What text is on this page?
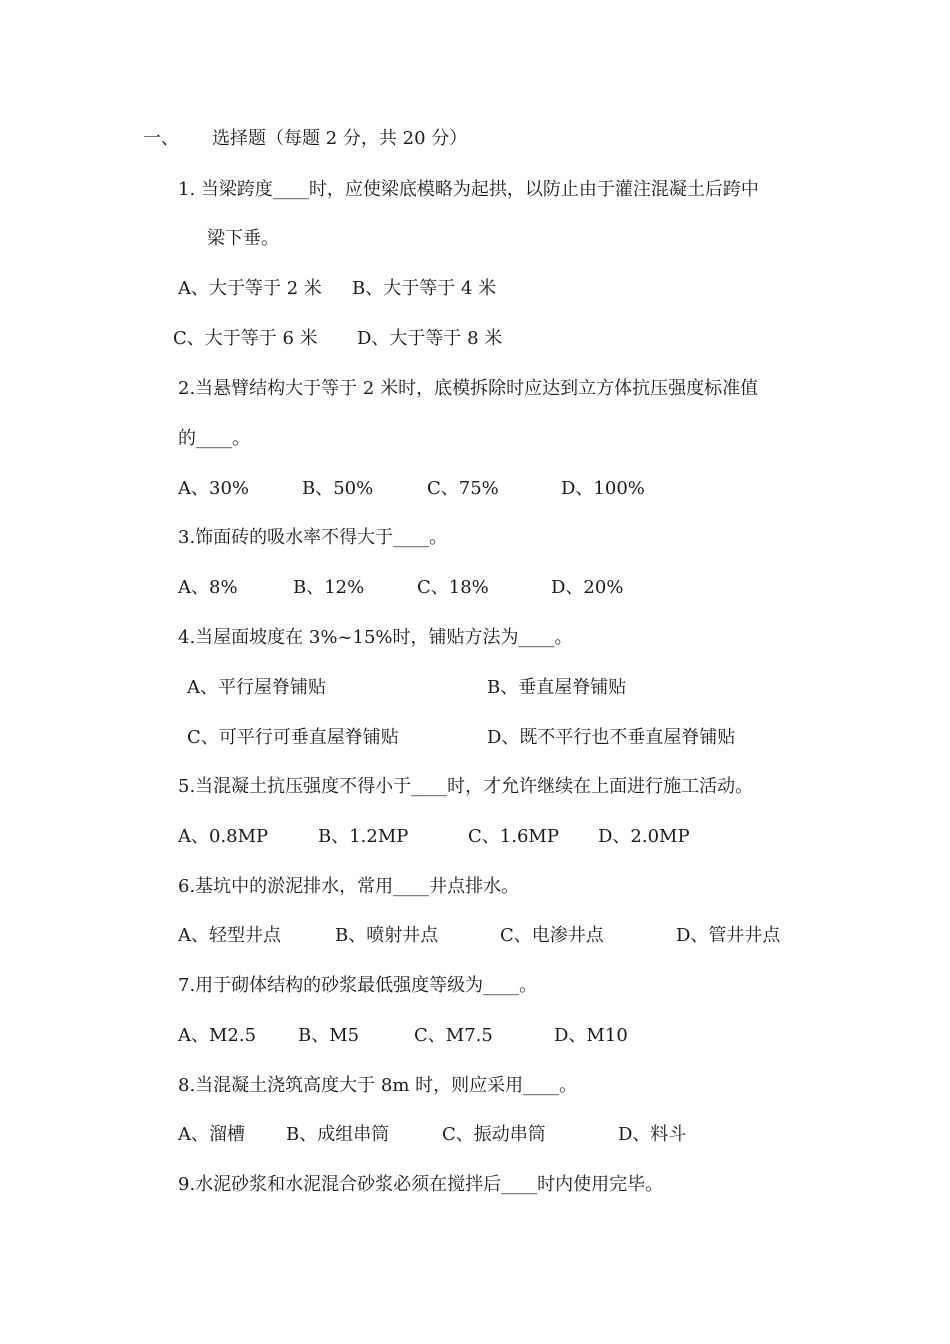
一、 选择题（每题 2 分，共 20 分）
1. 当梁跨度____时，应使梁底模略为起拱，以防止由于灌注混凝土后跨中
梁下垂。
A、大于等于 2 米 B、大于等于 4 米
C、大于等于 6 米 D、大于等于 8 米
2.当悬臂结构大于等于 2 米时，底模拆除时应达到立方体抗压强度标准值
的____。
A、30%	B、50%	C、75%	D、100%
3.饰面砖的吸水率不得大于____。
A、8%	B、12%	C、18%	D、20%
4.当屋面坡度在 3%~15%时，铺贴方法为____。
A、平行屋脊铺贴	B、垂直屋脊铺贴
C、可平行可垂直屋脊铺贴	D、既不平行也不垂直屋脊铺贴
5.当混凝土抗压强度不得小于____时，才允许继续在上面进行施工活动。
A、0.8MP	B、1.2MP	C、1.6MP D、2.0MP
6.基坑中的淤泥排水，常用____井点排水。
A、轻型井点	B、喷射井点	C、电渗井点	D、管井井点
7.用于砌体结构的砂浆最低强度等级为____。
A、M2.5 B、M5	C、M7.5	D、M10
8.当混凝土浇筑高度大于 8m 时，则应采用____。
A、溜槽 B、成组串筒	C、振动串筒	D、料斗
9.水泥砂浆和水泥混合砂浆必须在搅拌后____时内使用完毕。
